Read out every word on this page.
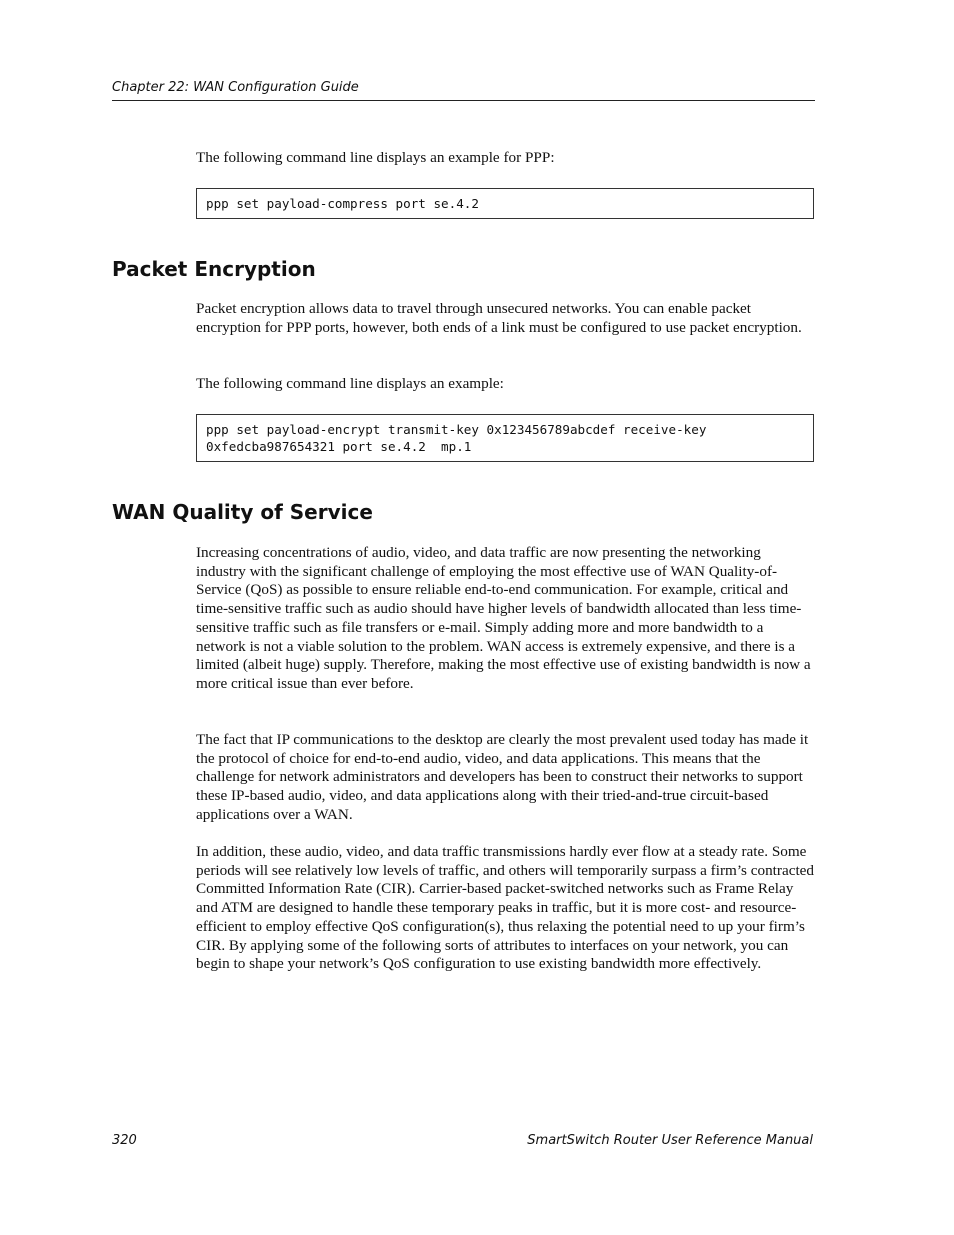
Chapter 22: WAN Configuration Guide

The following command line displays an example for PPP:

ppp set payload-compress port se.4.2
Packet Encryption

Packet encryption allows data to travel through unsecured networks. You can enable packet encryption for PPP ports, however, both ends of a link must be configured to use packet encryption.

The following command line displays an example:

ppp set payload-encrypt transmit-key 0x123456789abcdef receive-key
0xfedcba987654321 port se.4.2  mp.1
WAN Quality of Service

Increasing concentrations of audio, video, and data traffic are now presenting the networking industry with the significant challenge of employing the most effective use of WAN Quality-of-Service (QoS) as possible to ensure reliable end-to-end communication. For example, critical and time-sensitive traffic such as audio should have higher levels of bandwidth allocated than less time-sensitive traffic such as file transfers or e-mail. Simply adding more and more bandwidth to a network is not a viable solution to the problem. WAN access is extremely expensive, and there is a limited (albeit huge) supply. Therefore, making the most effective use of existing bandwidth is now a more critical issue than ever before.

The fact that IP communications to the desktop are clearly the most prevalent used today has made it the protocol of choice for end-to-end audio, video, and data applications. This means that the challenge for network administrators and developers has been to construct their networks to support these IP-based audio, video, and data applications along with their tried-and-true circuit-based applications over a WAN.

In addition, these audio, video, and data traffic transmissions hardly ever flow at a steady rate. Some periods will see relatively low levels of traffic, and others will temporarily surpass a firm’s contracted Committed Information Rate (CIR). Carrier-based packet-switched networks such as Frame Relay and ATM are designed to handle these temporary peaks in traffic, but it is more cost- and resource- efficient to employ effective QoS configuration(s), thus relaxing the potential need to up your firm’s CIR. By applying some of the following sorts of attributes to interfaces on your network, you can begin to shape your network’s QoS configuration to use existing bandwidth more effectively.

320	SmartSwitch Router User Reference Manual
